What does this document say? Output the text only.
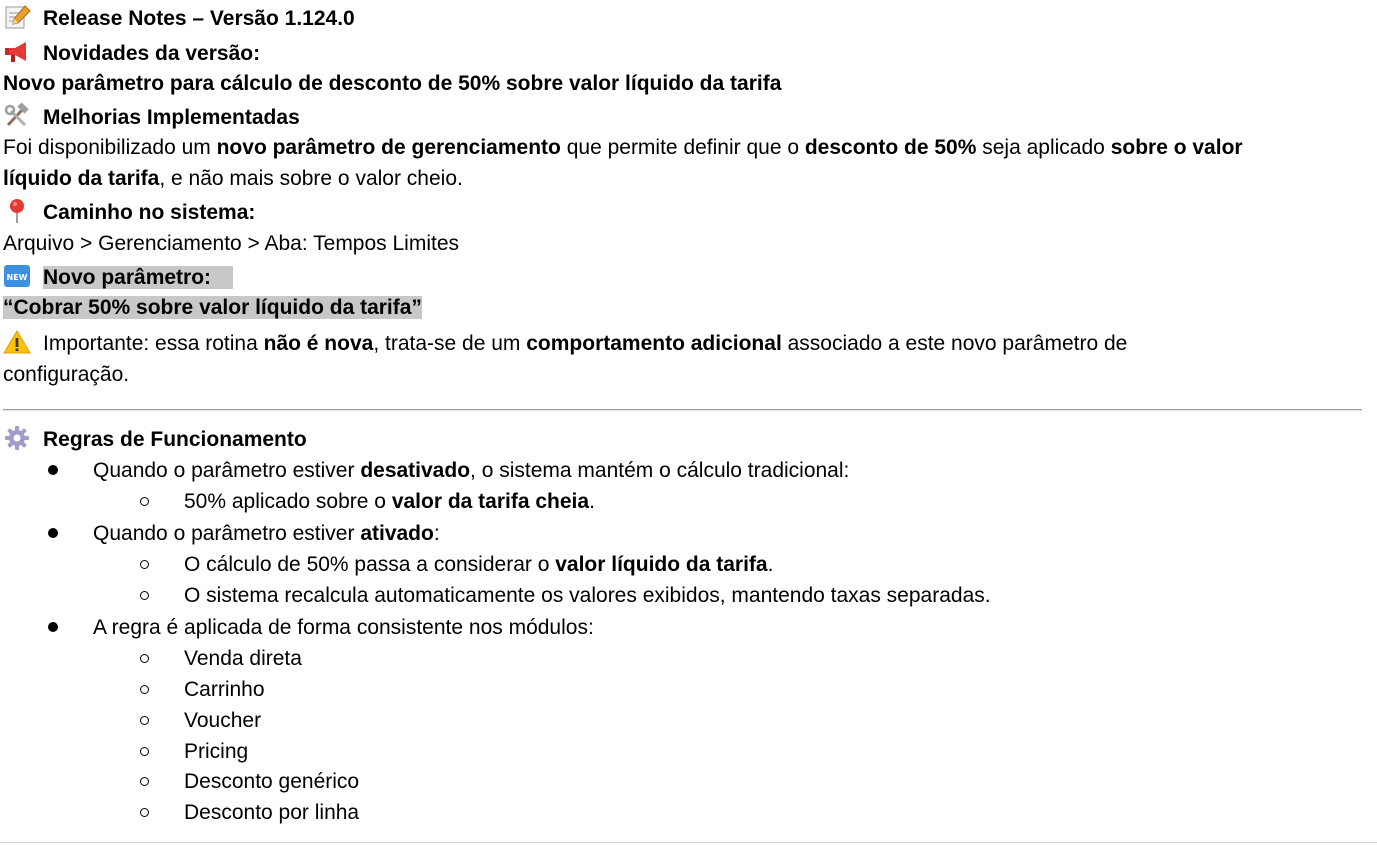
Release Notes – Versão 1.124.0
Novidades da versão:
Novo parâmetro para cálculo de desconto de 50% sobre valor líquido da tarifa
Melhorias Implementadas
Foi disponibilizado um novo parâmetro de gerenciamento que permite definir que o desconto de 50% seja aplicado sobre o valor
líquido da tarifa, e não mais sobre o valor cheio.
Caminho no sistema:
Arquivo > Gerenciamento > Aba: Tempos Limites
NEW Novo parâmetro:
“Cobrar 50% sobre valor líquido da tarifa”
Importante: essa rotina não é nova, trata-se de um comportamento adicional associado a este novo parâmetro de
configuração.
Regras de Funcionamento
Quando o parâmetro estiver desativado, o sistema mantém o cálculo tradicional:
50% aplicado sobre o valor da tarifa cheia.
Quando o parâmetro estiver ativado:
O cálculo de 50% passa a considerar o valor líquido da tarifa.
O sistema recalcula automaticamente os valores exibidos, mantendo taxas separadas.
A regra é aplicada de forma consistente nos módulos:
Venda direta
Carrinho
Voucher
Pricing
Desconto genérico
Desconto por linha
